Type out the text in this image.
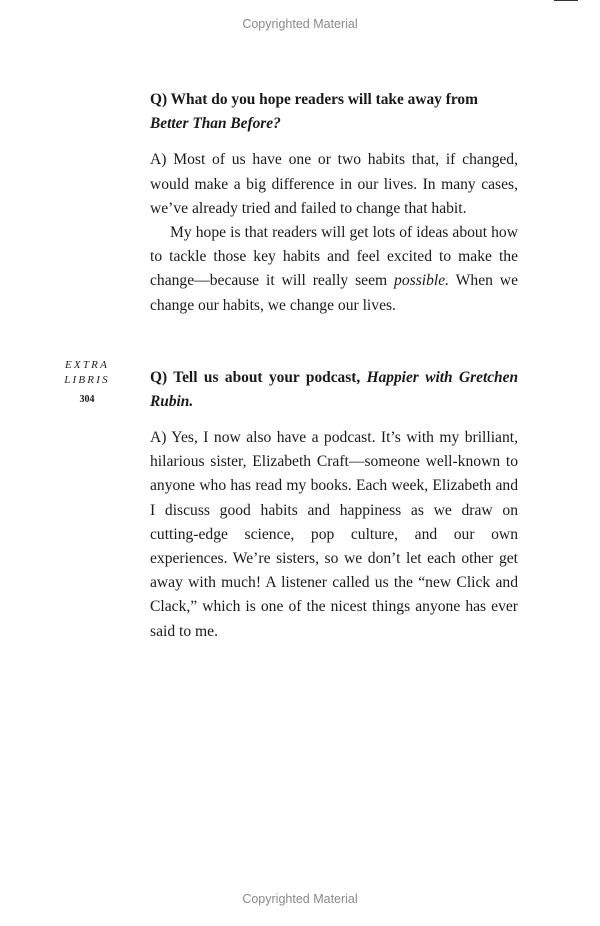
Copyrighted Material
EXTRA
LIBRIS
304

Q) What do you hope readers will take away from Better Than Before?

A) Most of us have one or two habits that, if changed, would make a big difference in our lives. In many cases, we’ve already tried and failed to change that habit.

My hope is that readers will get lots of ideas about how to tackle those key habits and feel excited to make the change—because it will really seem possible. When we change our habits, we change our lives.

Q) Tell us about your podcast, Happier with Gretchen Rubin.

A) Yes, I now also have a podcast. It’s with my brilliant, hilarious sister, Elizabeth Craft—someone well-known to anyone who has read my books. Each week, Elizabeth and I discuss good habits and happiness as we draw on cutting-edge science, pop culture, and our own experiences. We’re sisters, so we don’t let each other get away with much! A listener called us the “new Click and Clack,” which is one of the nicest things anyone has ever said to me.

Copyrighted Material
